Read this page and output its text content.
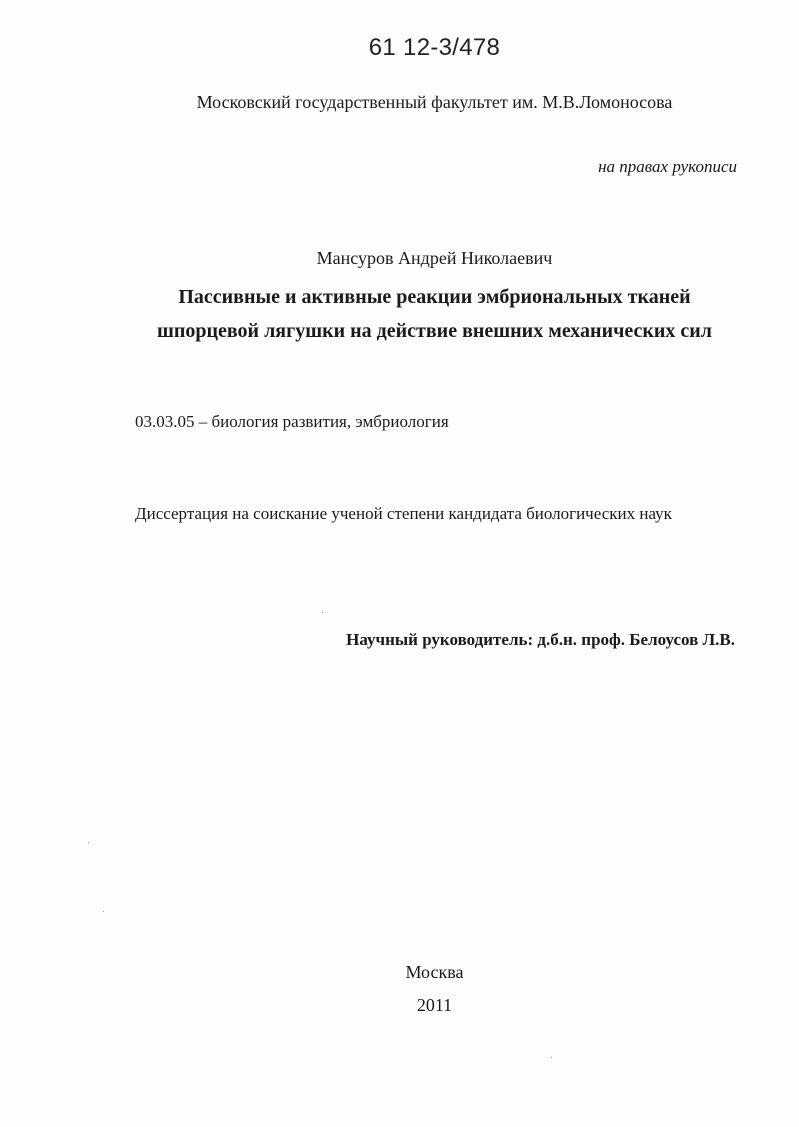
61 12-3/478
Московский государственный факультет им. М.В.Ломоносова
на правах рукописи
Мансуров Андрей Николаевич
Пассивные и активные реакции эмбриональных тканей
шпорцевой лягушки на действие внешних механических сил
03.03.05 – биология развития, эмбриология
Диссертация на соискание ученой степени кандидата биологических наук
Научный руководитель: д.б.н. проф. Белоусов Л.В.
Москва
2011
